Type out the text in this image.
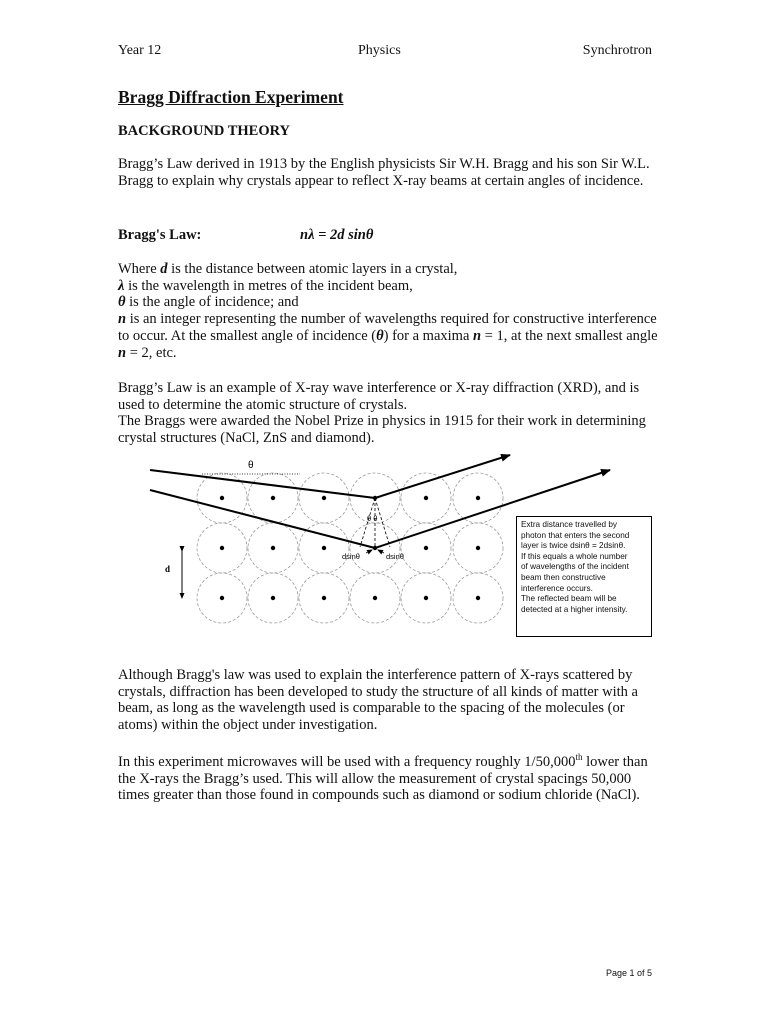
Year 12	Physics	Synchrotron
Bragg Diffraction Experiment
BACKGROUND THEORY
Bragg’s Law derived in 1913 by the English physicists Sir W.H. Bragg and his son Sir W.L. Bragg to explain why crystals appear to reflect X-ray beams at certain angles of incidence.
Bragg's Law:	nλ = 2d sinθ

Where d is the distance between atomic layers in a crystal,

λ is the wavelength in metres of the incident beam,

θ is the angle of incidence; and

n is an integer representing the number of wavelengths required for constructive interference to occur. At the smallest angle of incidence (θ) for a maxima n = 1, at the next smallest angle n = 2, etc.

Bragg’s Law is an example of X-ray wave interference or X-ray diffraction (XRD), and is used to determine the atomic structure of crystals.

The Braggs were awarded the Nobel Prize in physics in 1915 for their work in determining crystal structures (NaCl, ZnS and diamond).

θ
θ θ
dsinθ	dsinθ
d
Extra distance travelled by
photon that enters the second
layer is twice dsinθ = 2dsinθ.
If this equals a whole number
of wavelengths of the incident
beam then constructive
interference occurs.
The reflected beam will be
detected at a higher intensity.
Although Bragg's law was used to explain the interference pattern of X-rays scattered by crystals, diffraction has been developed to study the structure of all kinds of matter with a beam, as long as the wavelength used is comparable to the spacing of the molecules (or atoms) within the object under investigation.
In this experiment microwaves will be used with a frequency roughly 1/50,000th lower than the X-rays the Bragg’s used. This will allow the measurement of crystal spacings 50,000 times greater than those found in compounds such as diamond or sodium chloride (NaCl).
Page 1 of 5
